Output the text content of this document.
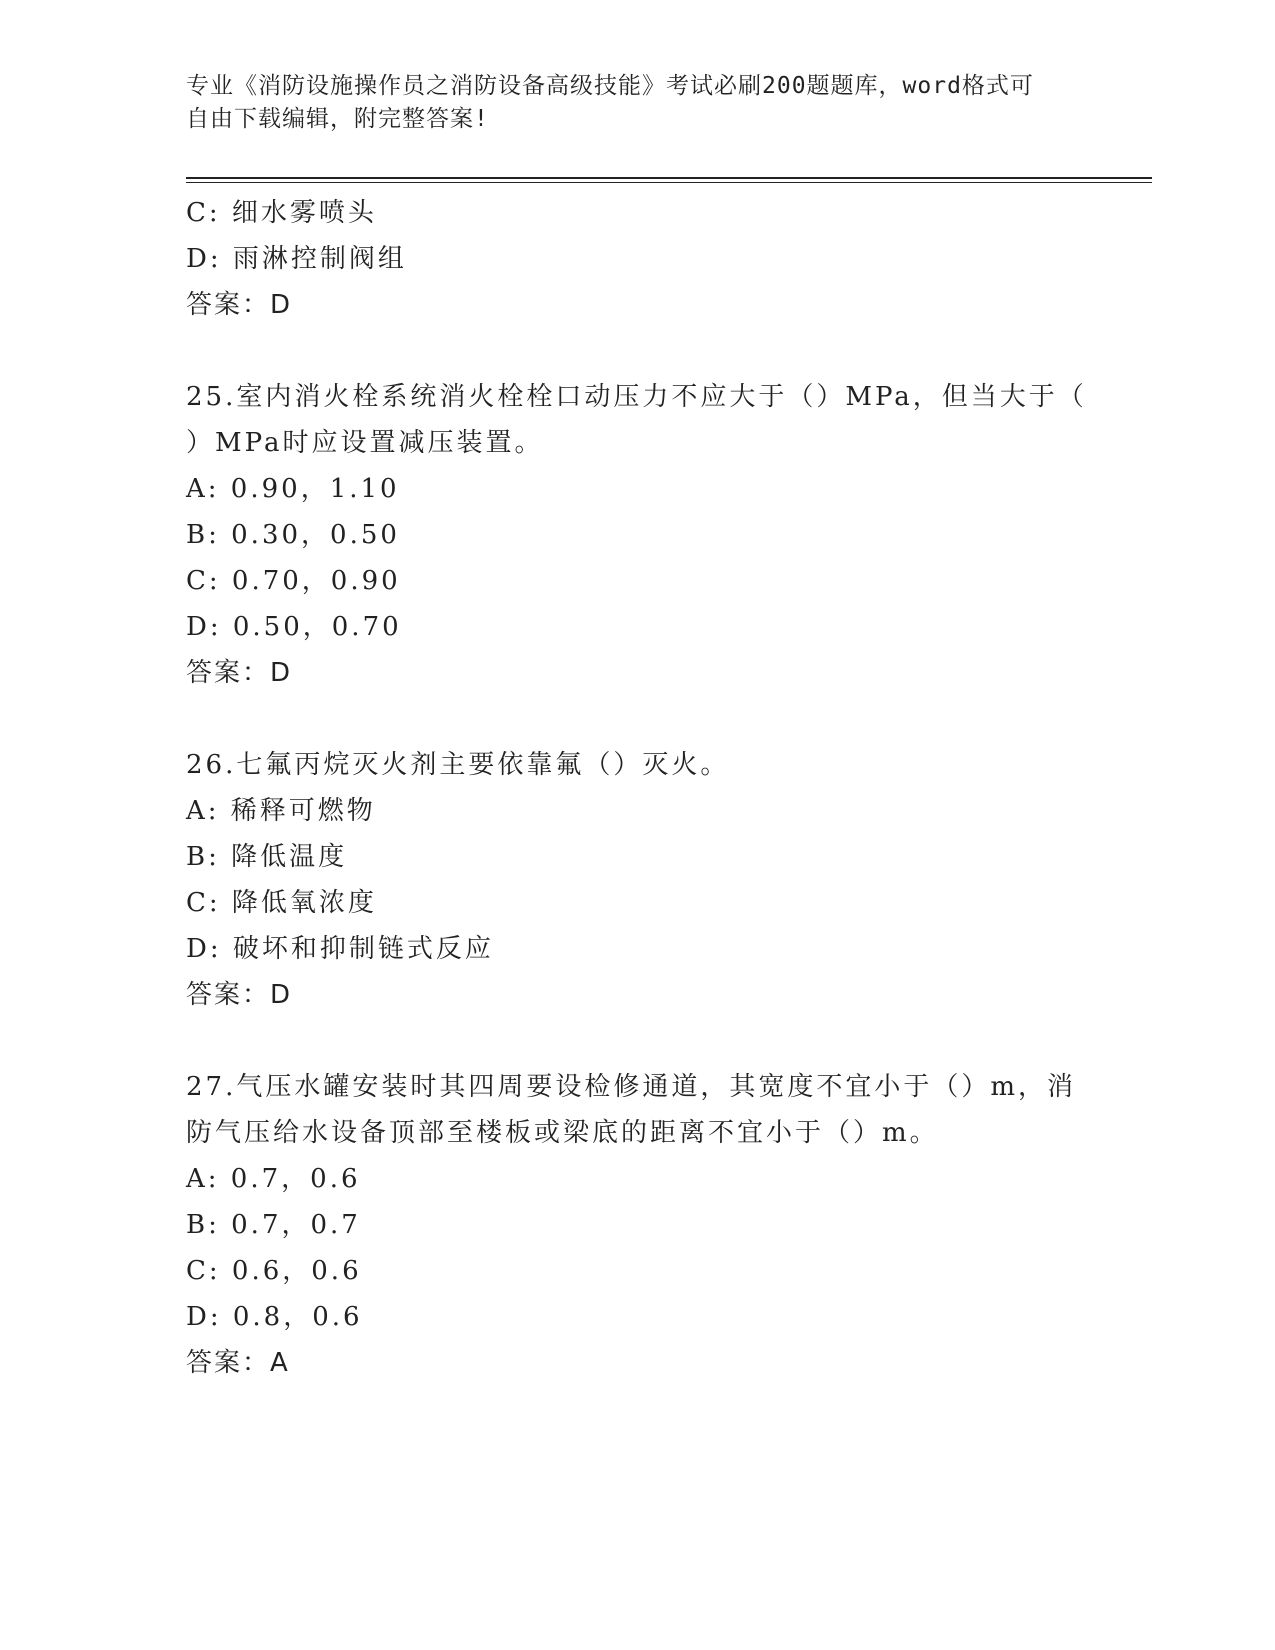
专业《消防设施操作员之消防设备高级技能》考试必刷200题题库，word格式可
自由下载编辑，附完整答案!
C: 细水雾喷头
D: 雨淋控制阀组
答案：D
25.室内消火栓系统消火栓栓口动压力不应大于（）MPa，但当大于（
）MPa时应设置减压装置。
A: 0.90，1.10
B: 0.30，0.50
C: 0.70，0.90
D: 0.50，0.70
答案：D
26.七氟丙烷灭火剂主要依靠氟（）灭火。
A: 稀释可燃物
B: 降低温度
C: 降低氧浓度
D: 破坏和抑制链式反应
答案：D
27.气压水罐安装时其四周要设检修通道，其宽度不宜小于（）m，消
防气压给水设备顶部至楼板或梁底的距离不宜小于（）m。
A: 0.7，0.6
B: 0.7，0.7
C: 0.6，0.6
D: 0.8，0.6
答案：A
